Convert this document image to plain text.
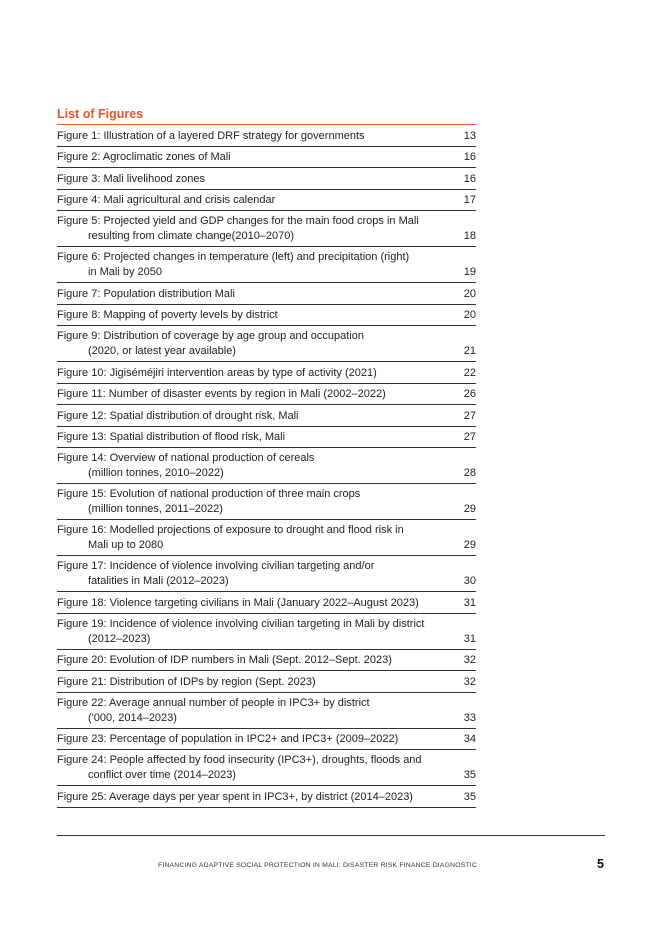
List of Figures
Figure 1: Illustration of a layered DRF strategy for governments	13
Figure 2: Agroclimatic zones of Mali	16
Figure 3: Mali livelihood zones	16
Figure 4: Mali agricultural and crisis calendar	17
Figure 5: Projected yield and GDP changes for the main food crops in Mali
resulting from climate change(2010–2070)	18
Figure 6: Projected changes in temperature (left) and precipitation (right)
in Mali by 2050	19
Figure 7: Population distribution Mali	20
Figure 8: Mapping of poverty levels by district	20
Figure 9: Distribution of coverage by age group and occupation
(2020, or latest year available)	21
Figure 10: Jigiséméjiri intervention areas by type of activity (2021)	22
Figure 11: Number of disaster events by region in Mali (2002–2022)	26
Figure 12: Spatial distribution of drought risk, Mali	27
Figure 13: Spatial distribution of flood risk, Mali	27
Figure 14: Overview of national production of cereals
(million tonnes, 2010–2022)	28
Figure 15: Evolution of national production of three main crops
(million tonnes, 2011–2022)	29
Figure 16: Modelled projections of exposure to drought and flood risk in
Mali up to 2080	29
Figure 17: Incidence of violence involving civilian targeting and/or
fatalities in Mali (2012–2023)	30
Figure 18: Violence targeting civilians in Mali (January 2022–August 2023)	31
Figure 19: Incidence of violence involving civilian targeting in Mali by district
(2012–2023)	31
Figure 20: Evolution of IDP numbers in Mali (Sept. 2012–Sept. 2023)	32
Figure 21: Distribution of IDPs by region (Sept. 2023)	32
Figure 22: Average annual number of people in IPC3+ by district
('000, 2014–2023)	33
Figure 23: Percentage of population in IPC2+ and IPC3+ (2009–2022)	34
Figure 24: People affected by food insecurity (IPC3+), droughts, floods and
conflict over time (2014–2023)	35
Figure 25: Average days per year spent in IPC3+, by district (2014–2023)	35
FINANCING ADAPTIVE SOCIAL PROTECTION IN MALI: DISASTER RISK FINANCE DIAGNOSTIC	5
